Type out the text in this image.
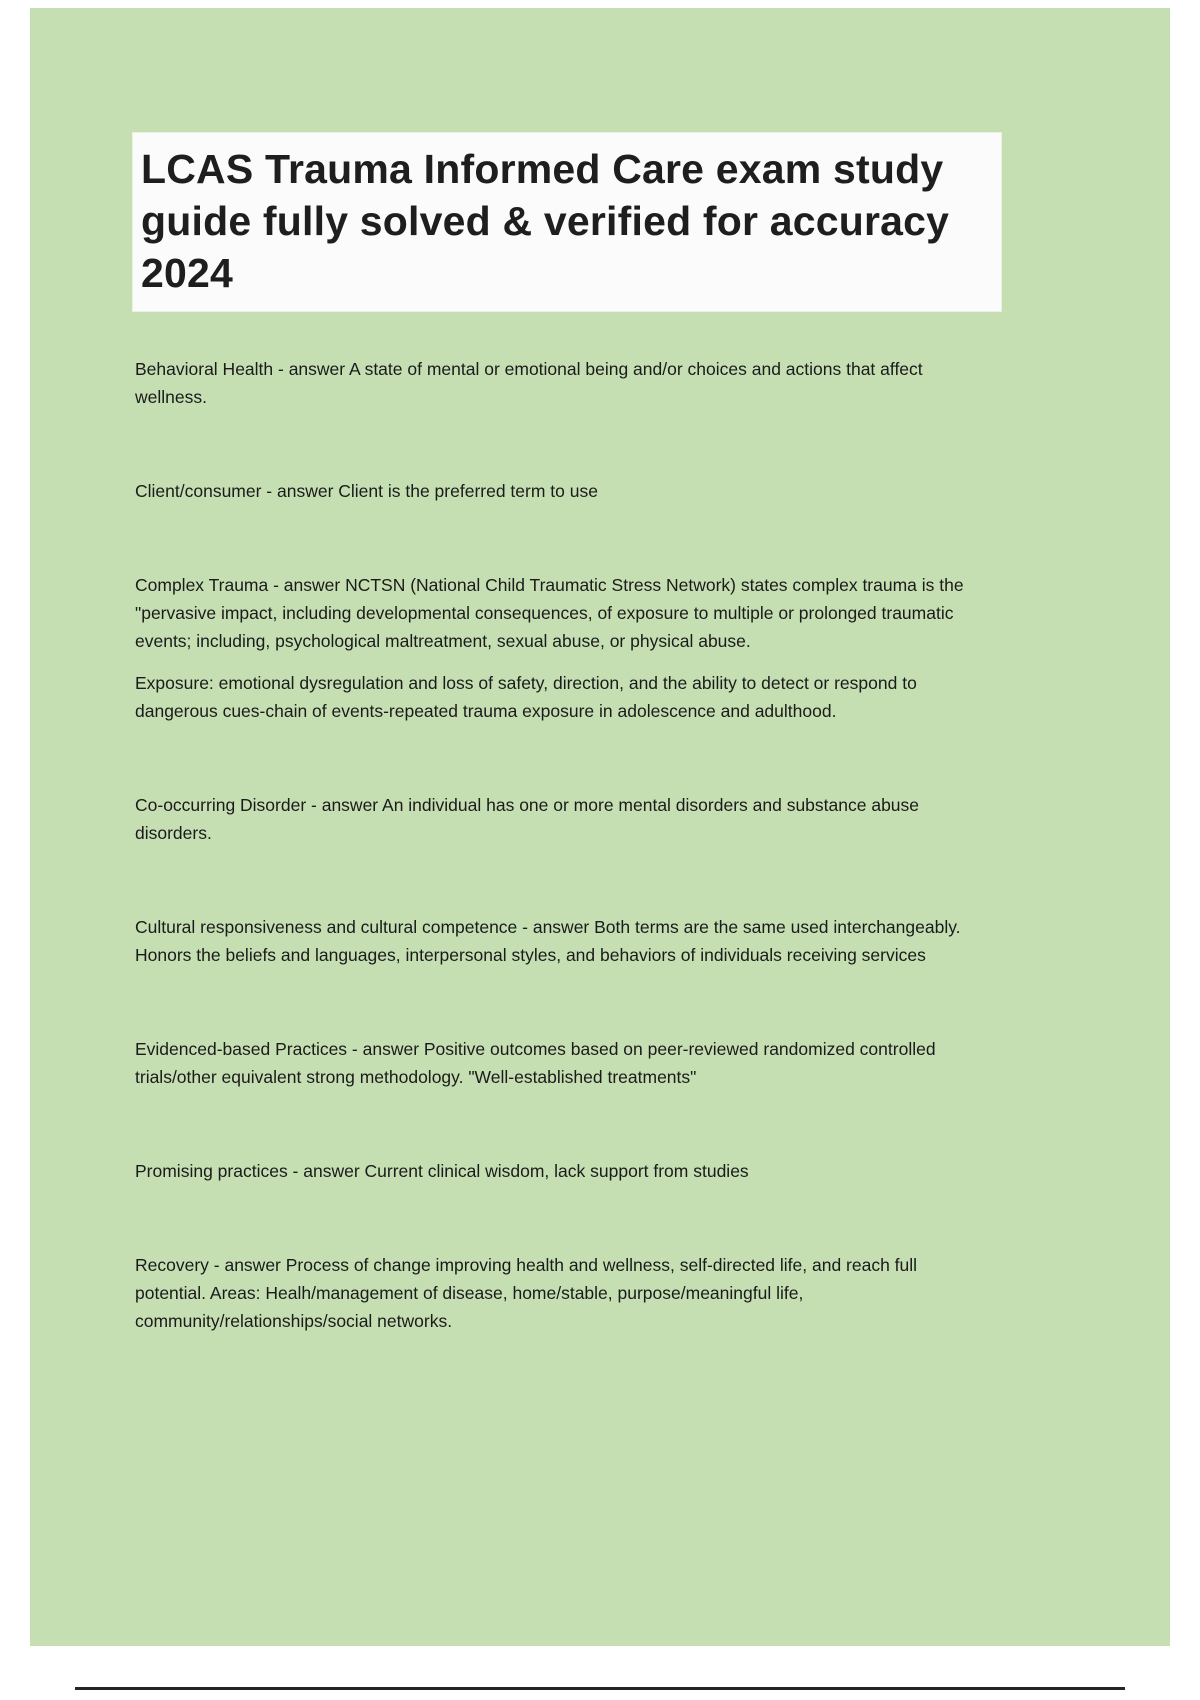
LCAS Trauma Informed Care exam study guide fully solved & verified for accuracy 2024

Behavioral Health - answer A state of mental or emotional being and/or choices and actions that affect wellness.

Client/consumer - answer Client is the preferred term to use

Complex Trauma - answer NCTSN (National Child Traumatic Stress Network) states complex trauma is the "pervasive impact, including developmental consequences, of exposure to multiple or prolonged traumatic events; including, psychological maltreatment, sexual abuse, or physical abuse.

Exposure: emotional dysregulation and loss of safety, direction, and the ability to detect or respond to dangerous cues-chain of events-repeated trauma exposure in adolescence and adulthood.

Co-occurring Disorder - answer An individual has one or more mental disorders and substance abuse disorders.

Cultural responsiveness and cultural competence - answer Both terms are the same used interchangeably. Honors the beliefs and languages, interpersonal styles, and behaviors of individuals receiving services

Evidenced-based Practices - answer Positive outcomes based on peer-reviewed randomized controlled trials/other equivalent strong methodology. "Well-established treatments"

Promising practices - answer Current clinical wisdom, lack support from studies

Recovery - answer Process of change improving health and wellness, self-directed life, and reach full potential. Areas: Healh/management of disease, home/stable, purpose/meaningful life, community/relationships/social networks.
